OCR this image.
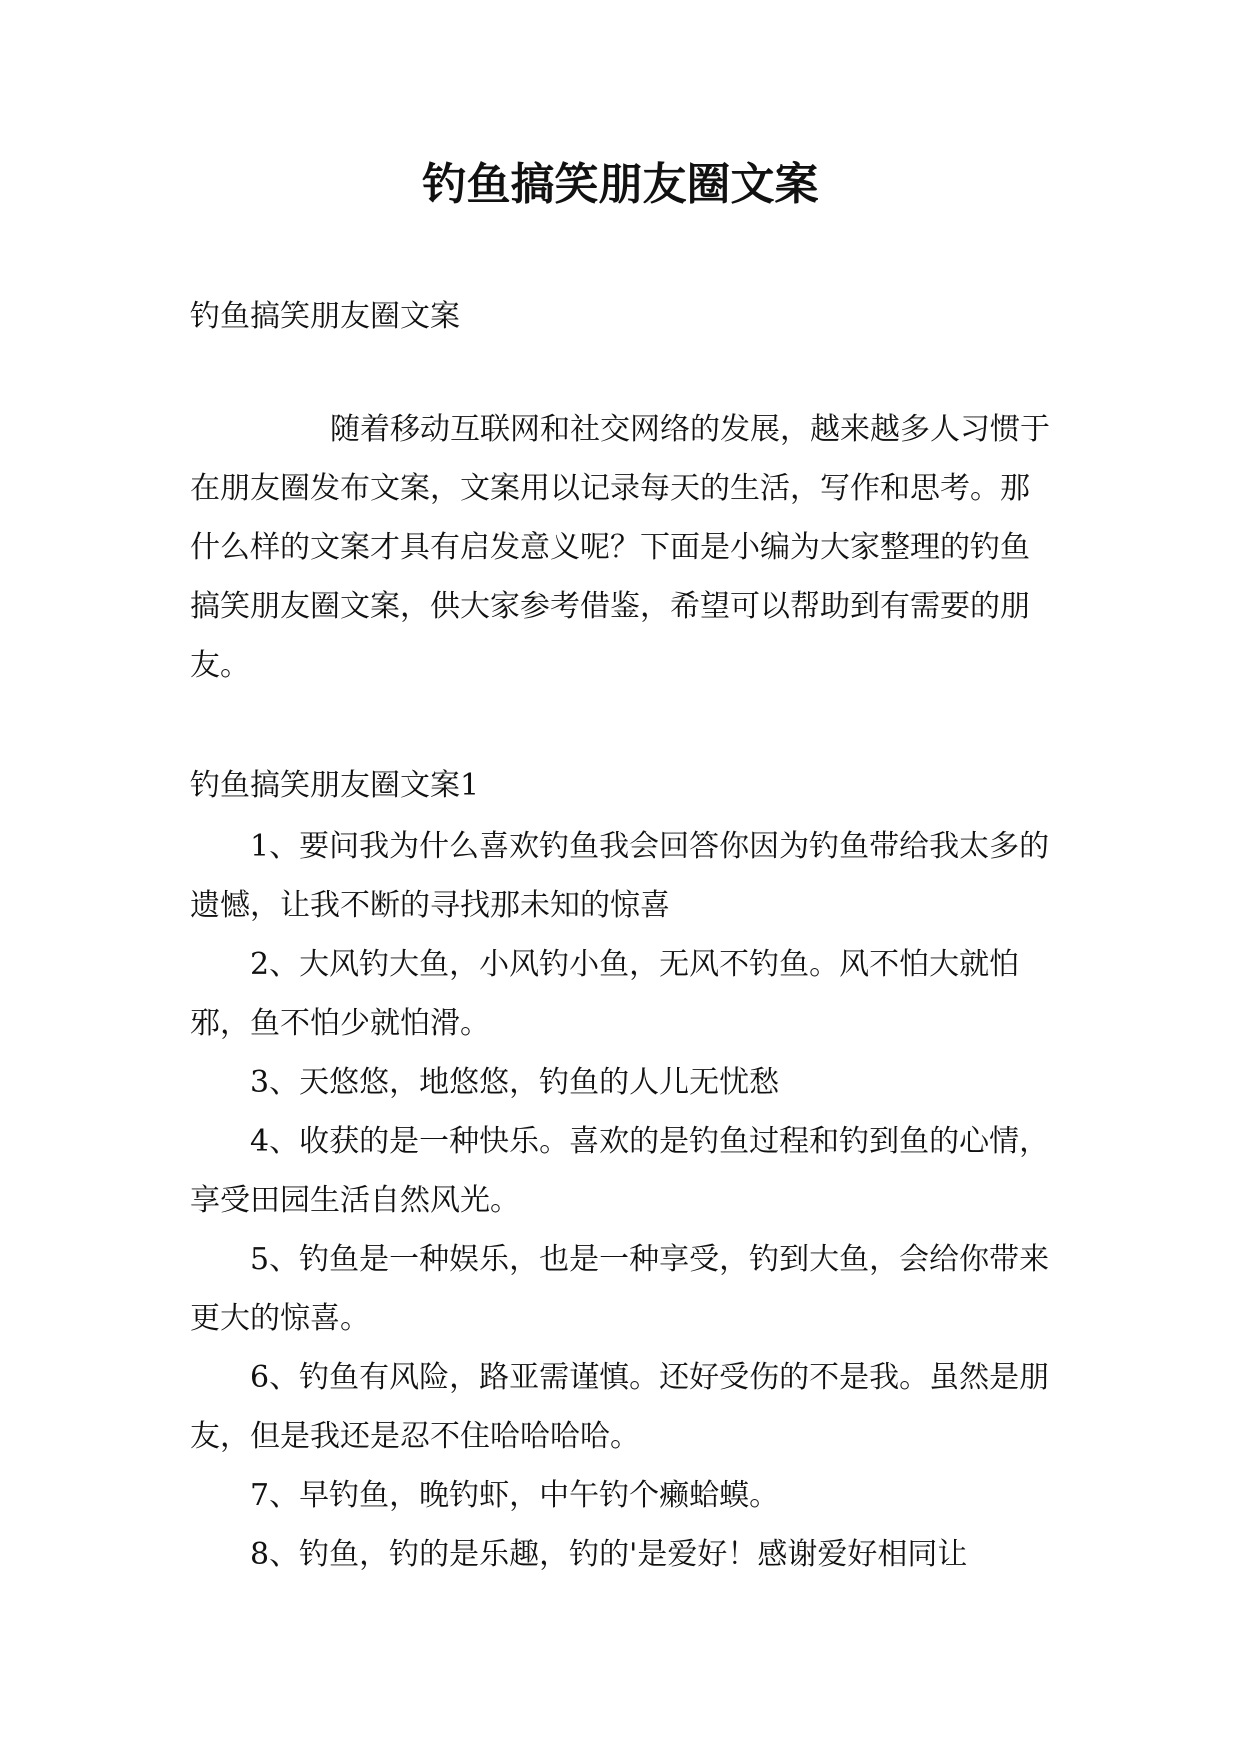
钓鱼搞笑朋友圈文案

钓鱼搞笑朋友圈文案

随着移动互联网和社交网络的发展，越来越多人习惯于在朋友圈发布文案，文案用以记录每天的生活，写作和思考。那什么样的文案才具有启发意义呢？下面是小编为大家整理的钓鱼搞笑朋友圈文案，供大家参考借鉴，希望可以帮助到有需要的朋友。

钓鱼搞笑朋友圈文案1

1、要问我为什么喜欢钓鱼我会回答你因为钓鱼带给我太多的遗憾，让我不断的寻找那未知的惊喜
2、大风钓大鱼，小风钓小鱼，无风不钓鱼。风不怕大就怕邪，鱼不怕少就怕滑。
3、天悠悠，地悠悠，钓鱼的人儿无忧愁
4、收获的是一种快乐。喜欢的是钓鱼过程和钓到鱼的心情，享受田园生活自然风光。
5、钓鱼是一种娱乐，也是一种享受，钓到大鱼，会给你带来更大的惊喜。
6、钓鱼有风险，路亚需谨慎。还好受伤的不是我。虽然是朋友，但是我还是忍不住哈哈哈哈。
7、早钓鱼，晚钓虾，中午钓个癞蛤蟆。
8、钓鱼，钓的是乐趣，钓的'是爱好！感谢爱好相同让
